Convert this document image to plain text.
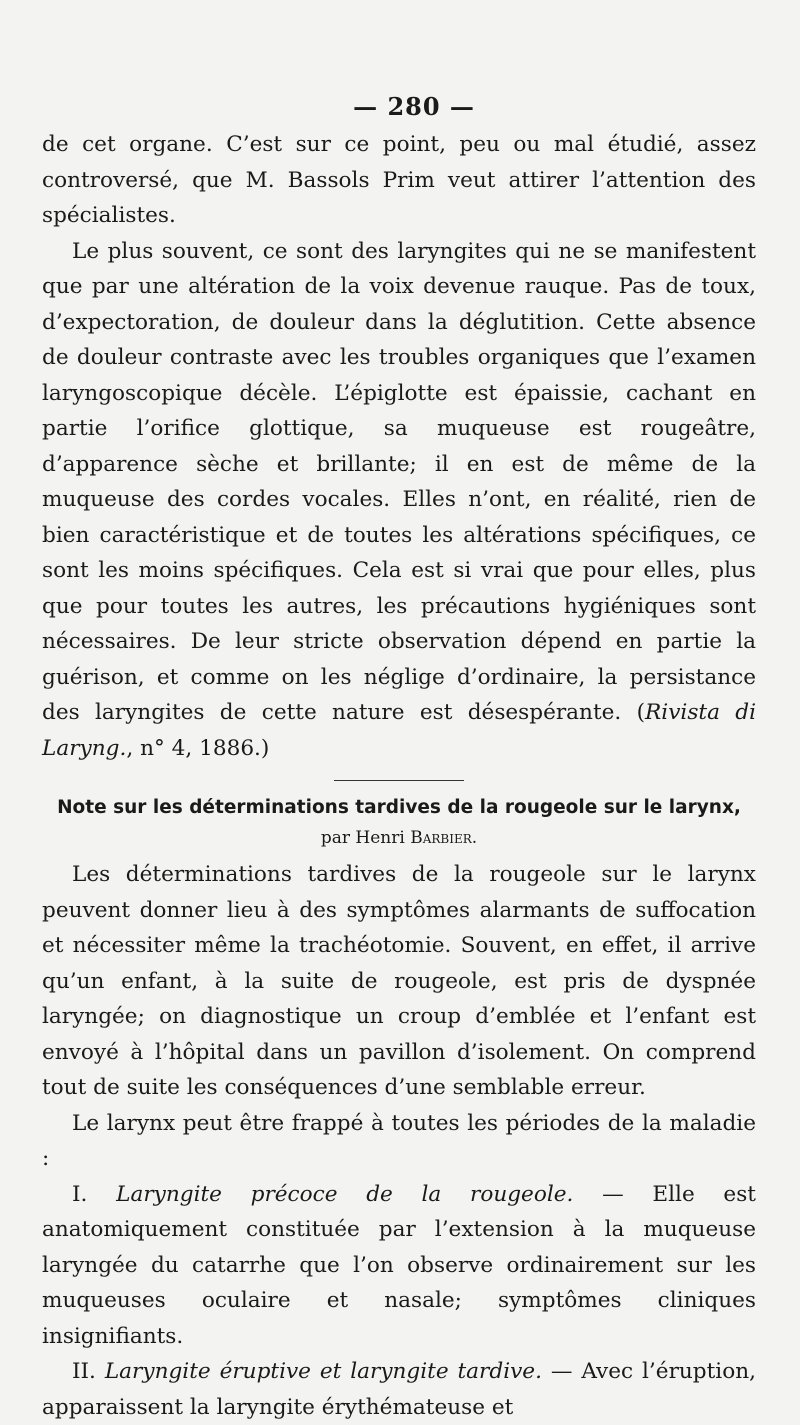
— 280 —

de cet organe. C’est sur ce point, peu ou mal étudié, assez controversé, que M. Bassols Prim veut attirer l’attention des spécialistes.

Le plus souvent, ce sont des laryngites qui ne se manifestent que par une altération de la voix devenue rauque. Pas de toux, d’expectoration, de douleur dans la déglutition. Cette absence de douleur contraste avec les troubles organiques que l’examen laryngoscopique décèle. L’épiglotte est épaissie, cachant en partie l’orifice glottique, sa muqueuse est rougeâtre, d’apparence sèche et brillante; il en est de même de la muqueuse des cordes vocales. Elles n’ont, en réalité, rien de bien caractéristique et de toutes les altérations spécifiques, ce sont les moins spécifiques. Cela est si vrai que pour elles, plus que pour toutes les autres, les précautions hygiéniques sont nécessaires. De leur stricte observation dépend en partie la guérison, et comme on les néglige d’ordinaire, la persistance des laryngites de cette nature est désespérante. (Rivista di Laryng., n° 4, 1886.)

Note sur les déterminations tardives de la rougeole sur le larynx, par Henri Barbier.

Les déterminations tardives de la rougeole sur le larynx peuvent donner lieu à des symptômes alarmants de suffocation et nécessiter même la trachéotomie. Souvent, en effet, il arrive qu’un enfant, à la suite de rougeole, est pris de dyspnée laryngée; on diagnostique un croup d’emblée et l’enfant est envoyé à l’hôpital dans un pavillon d’isolement. On comprend tout de suite les conséquences d’une semblable erreur.

Le larynx peut être frappé à toutes les périodes de la maladie :

I. Laryngite précoce de la rougeole. — Elle est anatomiquement constituée par l’extension à la muqueuse laryngée du catarrhe que l’on observe ordinairement sur les muqueuses oculaire et nasale; symptômes cliniques insignifiants.

II. Laryngite éruptive et laryngite tardive. — Avec l’éruption, apparaissent la laryngite érythémateuse et
